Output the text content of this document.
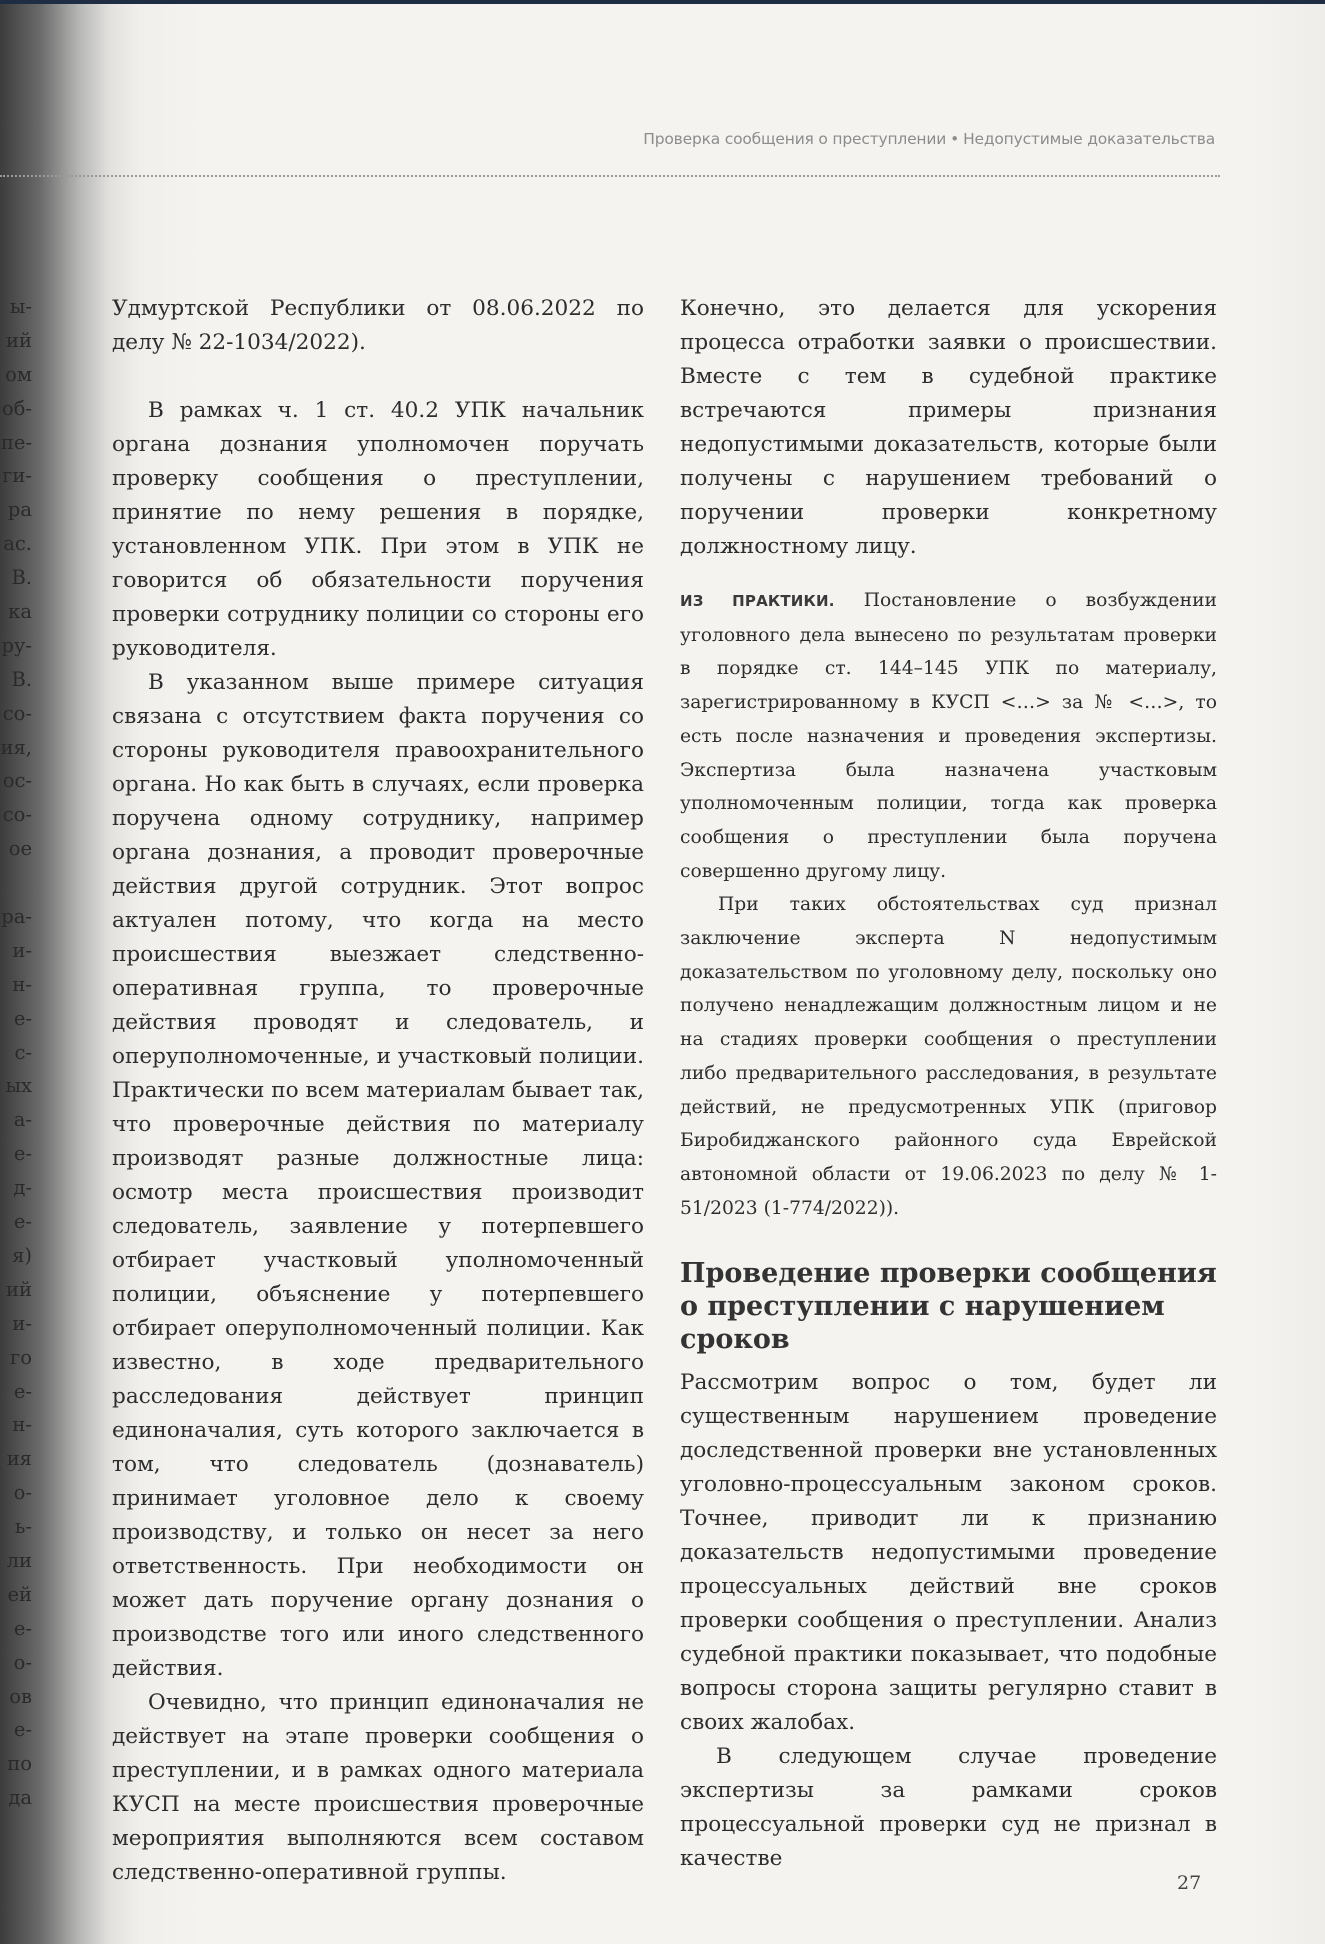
Проверка сообщения о преступлении • Недопустимые доказательства
ы-
ий
ом
об-
пе-
ги-
ра
ас.
В.
ка
ру-
В.
со-
ия,
ос-
со-
ое
ра-
и-
н-
е-
с-
ых
а-
е-
д-
е-
я)
ий
и-
го
е-
н-
ия
о-
ь-
ли
ей
е-
о-
ов
е-
по
да

Удмуртской Республики от 08.06.2022 по делу № 22-1034/2022).

В рамках ч. 1 ст. 40.2 УПК начальник органа дознания уполномочен поручать проверку сообщения о преступлении, принятие по нему решения в порядке, установленном УПК. При этом в УПК не говорится об обязательности поручения проверки сотруднику полиции со стороны его руководителя.

В указанном выше примере ситуация связана с отсутствием факта поручения со стороны руководителя правоохранительного органа. Но как быть в случаях, если проверка поручена одному сотруднику, например органа дознания, а проводит проверочные действия другой сотрудник. Этот вопрос актуален потому, что когда на место происшествия выезжает следственно-оперативная группа, то проверочные действия проводят и следователь, и оперуполномоченные, и участковый полиции. Практически по всем материалам бывает так, что проверочные действия по материалу производят разные должностные лица: осмотр места происшествия производит следователь, заявление у потерпевшего отбирает участковый уполномоченный полиции, объяснение у потерпевшего отбирает оперуполномоченный полиции. Как известно, в ходе предварительного расследования действует принцип единоначалия, суть которого заключается в том, что следователь (дознаватель) принимает уголовное дело к своему производству, и только он несет за него ответственность. При необходимости он может дать поручение органу дознания о производстве того или иного следственного действия.

Очевидно, что принцип единоначалия не действует на этапе проверки сообщения о преступлении, и в рамках одного материала КУСП на месте происшествия проверочные мероприятия выполняются всем составом следственно-оперативной группы.

Конечно, это делается для ускорения процесса отработки заявки о происшествии. Вместе с тем в судебной практике встречаются примеры признания недопустимыми доказательств, которые были получены с нарушением требований о поручении проверки конкретному должностному лицу.

ИЗ ПРАКТИКИ. Постановление о возбуждении уголовного дела вынесено по результатам проверки в порядке ст. 144–145 УПК по материалу, зарегистрированному в КУСП <…> за № <…>, то есть после назначения и проведения экспертизы. Экспертиза была назначена участковым уполномоченным полиции, тогда как проверка сообщения о преступлении была поручена совершенно другому лицу.

При таких обстоятельствах суд признал заключение эксперта N недопустимым доказательством по уголовному делу, поскольку оно получено ненадлежащим должностным лицом и не на стадиях проверки сообщения о преступлении либо предварительного расследования, в результате действий, не предусмотренных УПК (приговор Биробиджанского районного суда Еврейской автономной области от 19.06.2023 по делу № 1-51/2023 (1-774/2022)).

Проведение проверки сообщения о преступлении с нарушением сроков

Рассмотрим вопрос о том, будет ли существенным нарушением проведение доследственной проверки вне установленных уголовно-процессуальным законом сроков. Точнее, приводит ли к признанию доказательств недопустимыми проведение процессуальных действий вне сроков проверки сообщения о преступлении. Анализ судебной практики показывает, что подобные вопросы сторона защиты регулярно ставит в своих жалобах.

В следующем случае проведение экспертизы за рамками сроков процессуальной проверки суд не признал в качестве

27
